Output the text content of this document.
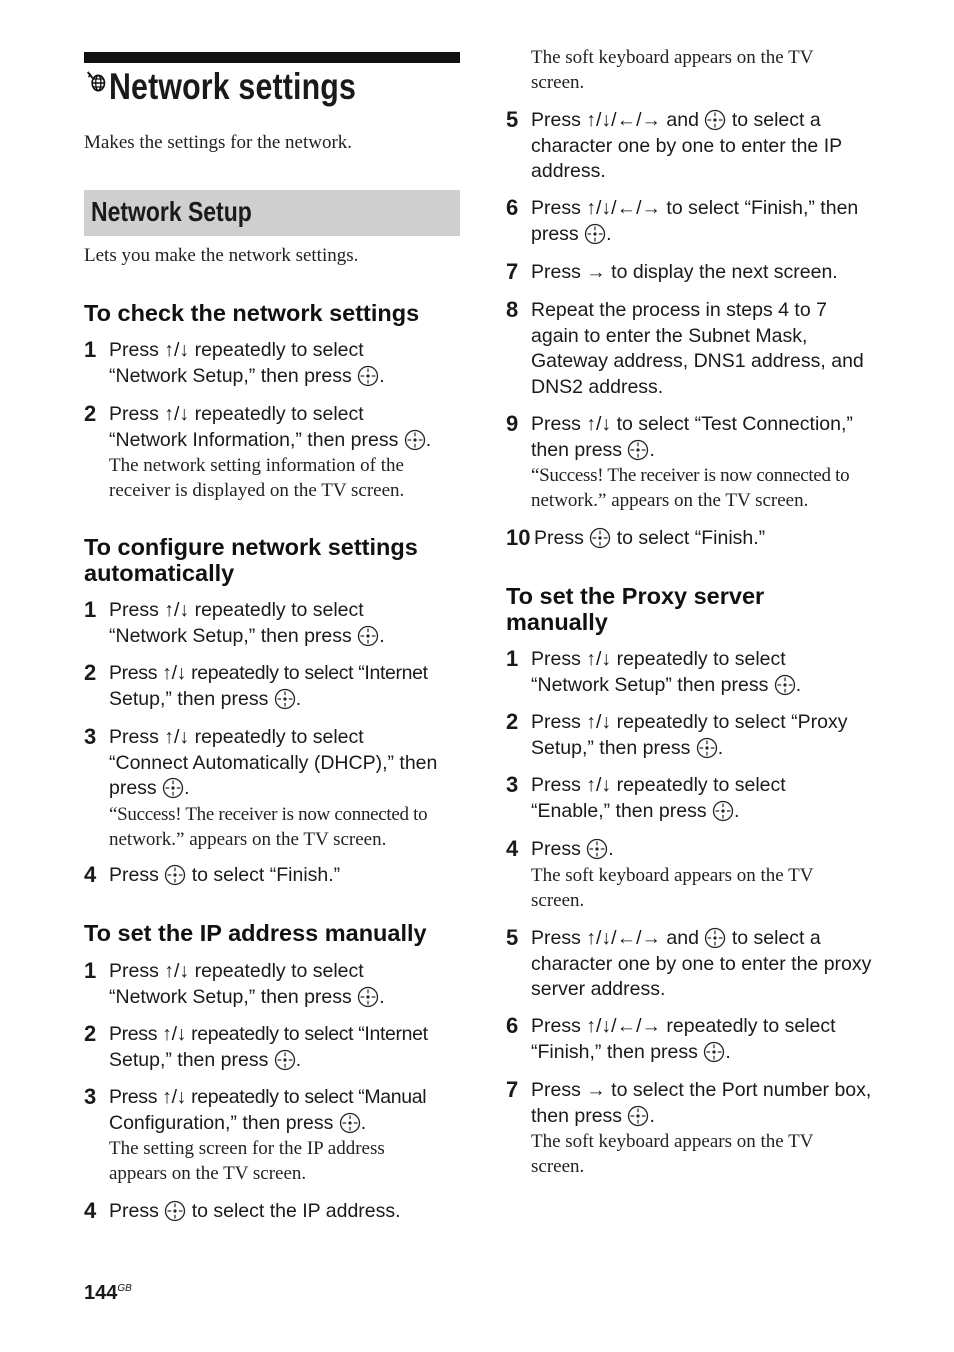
Network settings
Makes the settings for the network.
Network Setup
Lets you make the network settings.
To check the network settings
1 Press ↑/↓ repeatedly to select
“Network Setup,” then press .
2 Press ↑/↓ repeatedly to select
“Network Information,” then press .
The network setting information of the
receiver is displayed on the TV screen.
To configure network settings
automatically
1 Press ↑/↓ repeatedly to select
“Network Setup,” then press .
2 Press ↑/↓ repeatedly to select “Internet
Setup,” then press .
3 Press ↑/↓ repeatedly to select
“Connect Automatically (DHCP),” then
press .
“Success! The receiver is now connected to
network.” appears on the TV screen.
4 Press to select “Finish.”
To set the IP address manually
1 Press ↑/↓ repeatedly to select
“Network Setup,” then press .
2 Press ↑/↓ repeatedly to select “Internet
Setup,” then press .
3 Press ↑/↓ repeatedly to select “Manual
Configuration,” then press .
The setting screen for the IP address
appears on the TV screen.
4 Press to select the IP address.
The soft keyboard appears on the TV
screen.
5 Press ↑/↓/←/→ and to select a
character one by one to enter the IP
address.
6 Press ↑/↓/←/→ to select “Finish,” then
press .
7 Press → to display the next screen.
8 Repeat the process in steps 4 to 7
again to enter the Subnet Mask,
Gateway address, DNS1 address, and
DNS2 address.
9 Press ↑/↓ to select “Test Connection,”
then press .
“Success! The receiver is now connected to
network.” appears on the TV screen.
10 Press to select “Finish.”
To set the Proxy server
manually
1 Press ↑/↓ repeatedly to select
“Network Setup” then press .
2 Press ↑/↓ repeatedly to select “Proxy
Setup,” then press .
3 Press ↑/↓ repeatedly to select
“Enable,” then press .
4 Press .
The soft keyboard appears on the TV
screen.
5 Press ↑/↓/←/→ and to select a
character one by one to enter the proxy
server address.
6 Press ↑/↓/←/→ repeatedly to select
“Finish,” then press .
7 Press → to select the Port number box,
then press .
The soft keyboard appears on the TV
screen.
$144^{GB}$
